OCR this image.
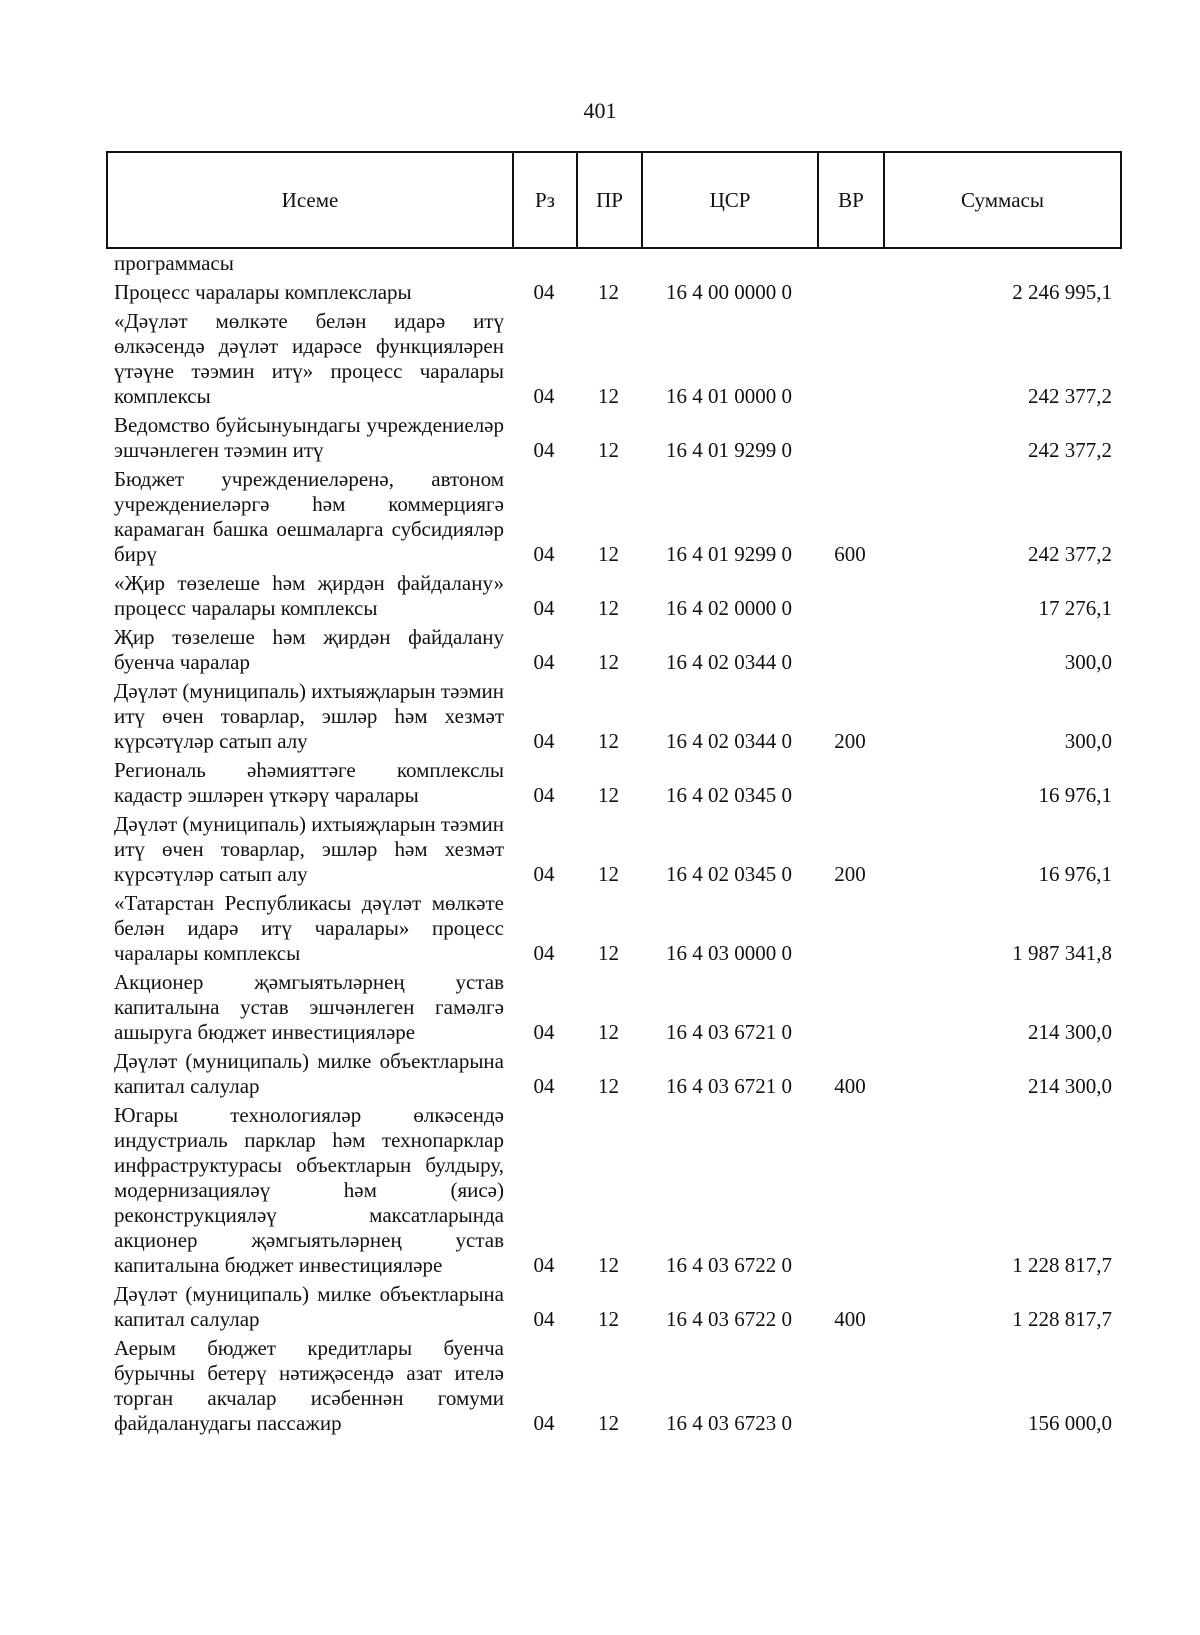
401
Исеме	Рз	ПР	ЦСР	ВР	Суммасы
программасы					
Процесс чаралары комплекслары	04	12	16 4 00 0000 0		2 246 995,1
«Дәүләт мөлкәте белән идарә итү өлкәсендә дәүләт идарәсе функцияләрен үтәүне тәэмин итү» процесс чаралары комплексы	04	12	16 4 01 0000 0		242 377,2
Ведомство буйсынуындагы учреждениеләр эшчәнлеген тәэмин итү	04	12	16 4 01 9299 0		242 377,2
Бюджет учреждениеләренә, автоном учреждениеләргә һәм коммерциягә карамаган башка оешмаларга субсидияләр бирү	04	12	16 4 01 9299 0	600	242 377,2
«Җир төзелеше һәм җирдән файдалану» процесс чаралары комплексы	04	12	16 4 02 0000 0		17 276,1
Җир төзелеше һәм җирдән файдалану буенча чаралар	04	12	16 4 02 0344 0		300,0
Дәүләт (муниципаль) ихтыяҗларын тәэмин итү өчен товарлар, эшләр һәм хезмәт күрсәтүләр сатып алу	04	12	16 4 02 0344 0	200	300,0
Региональ әһәмияттәге комплекслы кадастр эшләрен үткәрү чаралары	04	12	16 4 02 0345 0		16 976,1
Дәүләт (муниципаль) ихтыяҗларын тәэмин итү өчен товарлар, эшләр һәм хезмәт күрсәтүләр сатып алу	04	12	16 4 02 0345 0	200	16 976,1
«Татарстан Республикасы дәүләт мөлкәте белән идарә итү чаралары» процесс чаралары комплексы	04	12	16 4 03 0000 0		1 987 341,8
Акционер җәмгыятьләрнең устав капиталына устав эшчәнлеген гамәлгә ашыруга бюджет инвестицияләре	04	12	16 4 03 6721 0		214 300,0
Дәүләт (муниципаль) милке объектларына капитал салулар	04	12	16 4 03 6721 0	400	214 300,0
Югары технологияләр өлкәсендә индустриаль парклар һәм технопарклар инфраструктурасы объектларын булдыру, модернизацияләү һәм (яисә) реконструкцияләү максатларында акционер җәмгыятьләрнең устав капиталына бюджет инвестицияләре	04	12	16 4 03 6722 0		1 228 817,7
Дәүләт (муниципаль) милке объектларына капитал салулар	04	12	16 4 03 6722 0	400	1 228 817,7
Аерым бюджет кредитлары буенча бурычны бетерү нәтиҗәсендә азат ителә торган акчалар исәбеннән гомуми файдаланудагы пассажир	04	12	16 4 03 6723 0		156 000,0
